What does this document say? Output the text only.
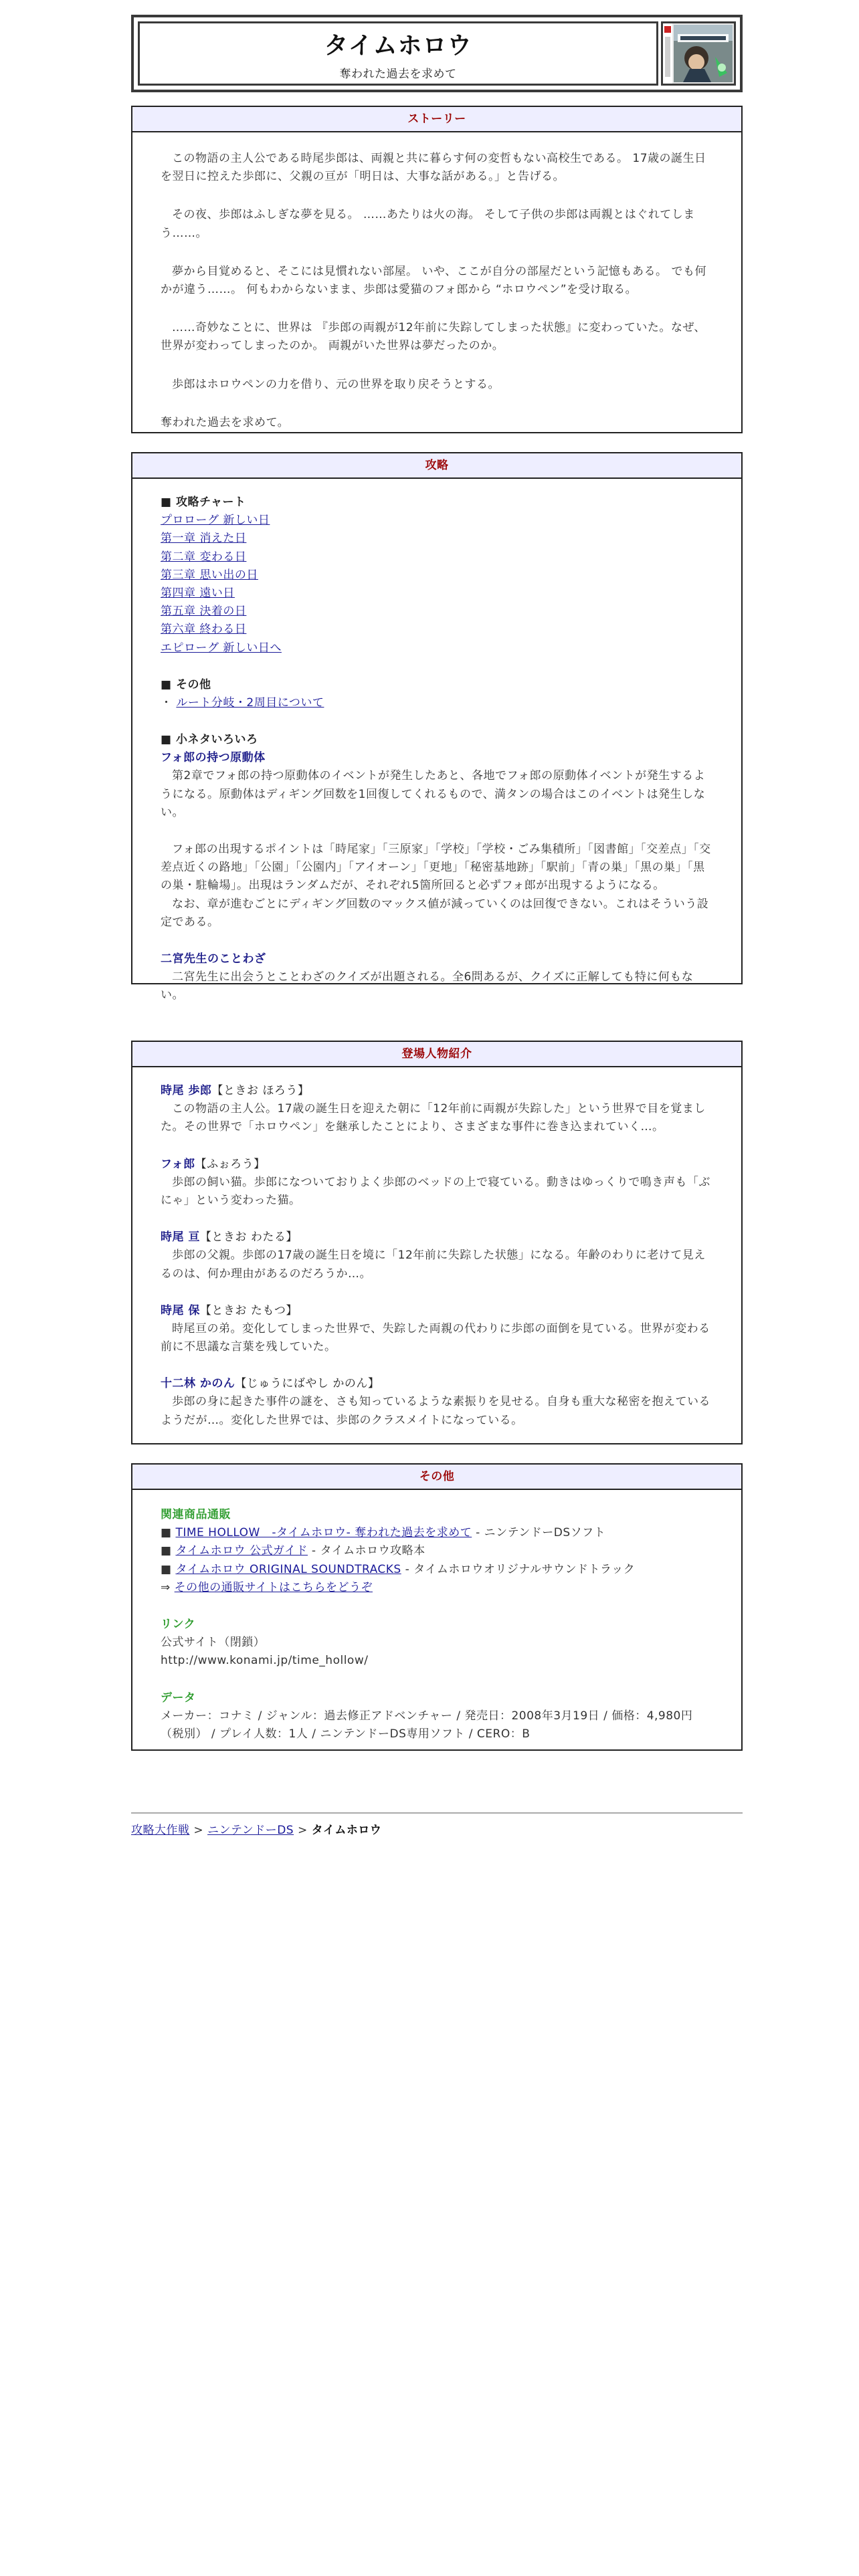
タイムホロウ
奪われた過去を求めて
ストーリー

この物語の主人公である時尾歩郎は、両親と共に暮らす何の変哲もない高校生である。 17歳の誕生日を翌日に控えた歩郎に、父親の亘が「明日は、大事な話がある。」と告げる。

その夜、歩郎はふしぎな夢を見る。 ……あたりは火の海。 そして子供の歩郎は両親とはぐれてしまう……。

夢から目覚めると、そこには見慣れない部屋。 いや、ここが自分の部屋だという記憶もある。 でも何かが違う……。 何もわからないまま、歩郎は愛猫のフォ郎から “ホロウペン”を受け取る。

……奇妙なことに、世界は 『歩郎の両親が12年前に失踪してしまった状態』に変わっていた。なぜ、世界が変わってしまったのか。 両親がいた世界は夢だったのか。

歩郎はホロウペンの力を借り、元の世界を取り戻そうとする。

奪われた過去を求めて。

攻略
■ 攻略チャート
プロローグ 新しい日
第一章 消えた日
第二章 変わる日
第三章 思い出の日
第四章 遠い日
第五章 決着の日
第六章 終わる日
エピローグ 新しい日へ
■ その他
・ ルート分岐・2周目について
■ 小ネタいろいろ
フォ郎の持つ原動体
第2章でフォ郎の持つ原動体のイベントが発生したあと、各地でフォ郎の原動体イベントが発生するようになる。原動体はディギング回数を1回復してくれるもので、満タンの場合はこのイベントは発生しない。
フォ郎の出現するポイントは「時尾家」「三原家」「学校」「学校・ごみ集積所」「図書館」「交差点」「交差点近くの路地」「公園」「公園内」「アイオーン」「更地」「秘密基地跡」「駅前」「青の巣」「黒の巣」「黒の巣・駐輪場」。出現はランダムだが、それぞれ5箇所回ると必ずフォ郎が出現するようになる。
なお、章が進むごとにディギング回数のマックス値が減っていくのは回復できない。これはそういう設定である。
二宮先生のことわざ
二宮先生に出会うとことわざのクイズが出題される。全6問あるが、クイズに正解しても特に何もない。
登場人物紹介
時尾 歩郎【ときお ほろう】
この物語の主人公。17歳の誕生日を迎えた朝に「12年前に両親が失踪した」という世界で目を覚ました。その世界で「ホロウペン」を継承したことにより、さまざまな事件に巻き込まれていく…。
フォ郎【ふぉろう】
歩郎の飼い猫。歩郎になついておりよく歩郎のベッドの上で寝ている。動きはゆっくりで鳴き声も「ぶにゃ」という変わった猫。
時尾 亘【ときお わたる】
歩郎の父親。歩郎の17歳の誕生日を境に「12年前に失踪した状態」になる。年齢のわりに老けて見えるのは、何か理由があるのだろうか…。
時尾 保【ときお たもつ】
時尾亘の弟。変化してしまった世界で、失踪した両親の代わりに歩郎の面倒を見ている。世界が変わる前に不思議な言葉を残していた。
十二林 かのん【じゅうにばやし かのん】
歩郎の身に起きた事件の謎を、さも知っているような素振りを見せる。自身も重大な秘密を抱えているようだが…。変化した世界では、歩郎のクラスメイトになっている。
その他
関連商品通販
■ TIME HOLLOW　-タイムホロウ- 奪われた過去を求めて - ニンテンドーDSソフト
■ タイムホロウ 公式ガイド - タイムホロウ攻略本
■ タイムホロウ ORIGINAL SOUNDTRACKS - タイムホロウオリジナルサウンドトラック
⇒ その他の通販サイトはこちらをどうぞ
リンク
公式サイト（閉鎖）
http://www.konami.jp/time_hollow/
データ
メーカー：コナミ / ジャンル：過去修正アドベンチャー / 発売日：2008年3月19日 / 価格：4,980円（税別） / プレイ人数：1人 / ニンテンドーDS専用ソフト / CERO：B
攻略大作戦 > ニンテンドーDS > タイムホロウ
